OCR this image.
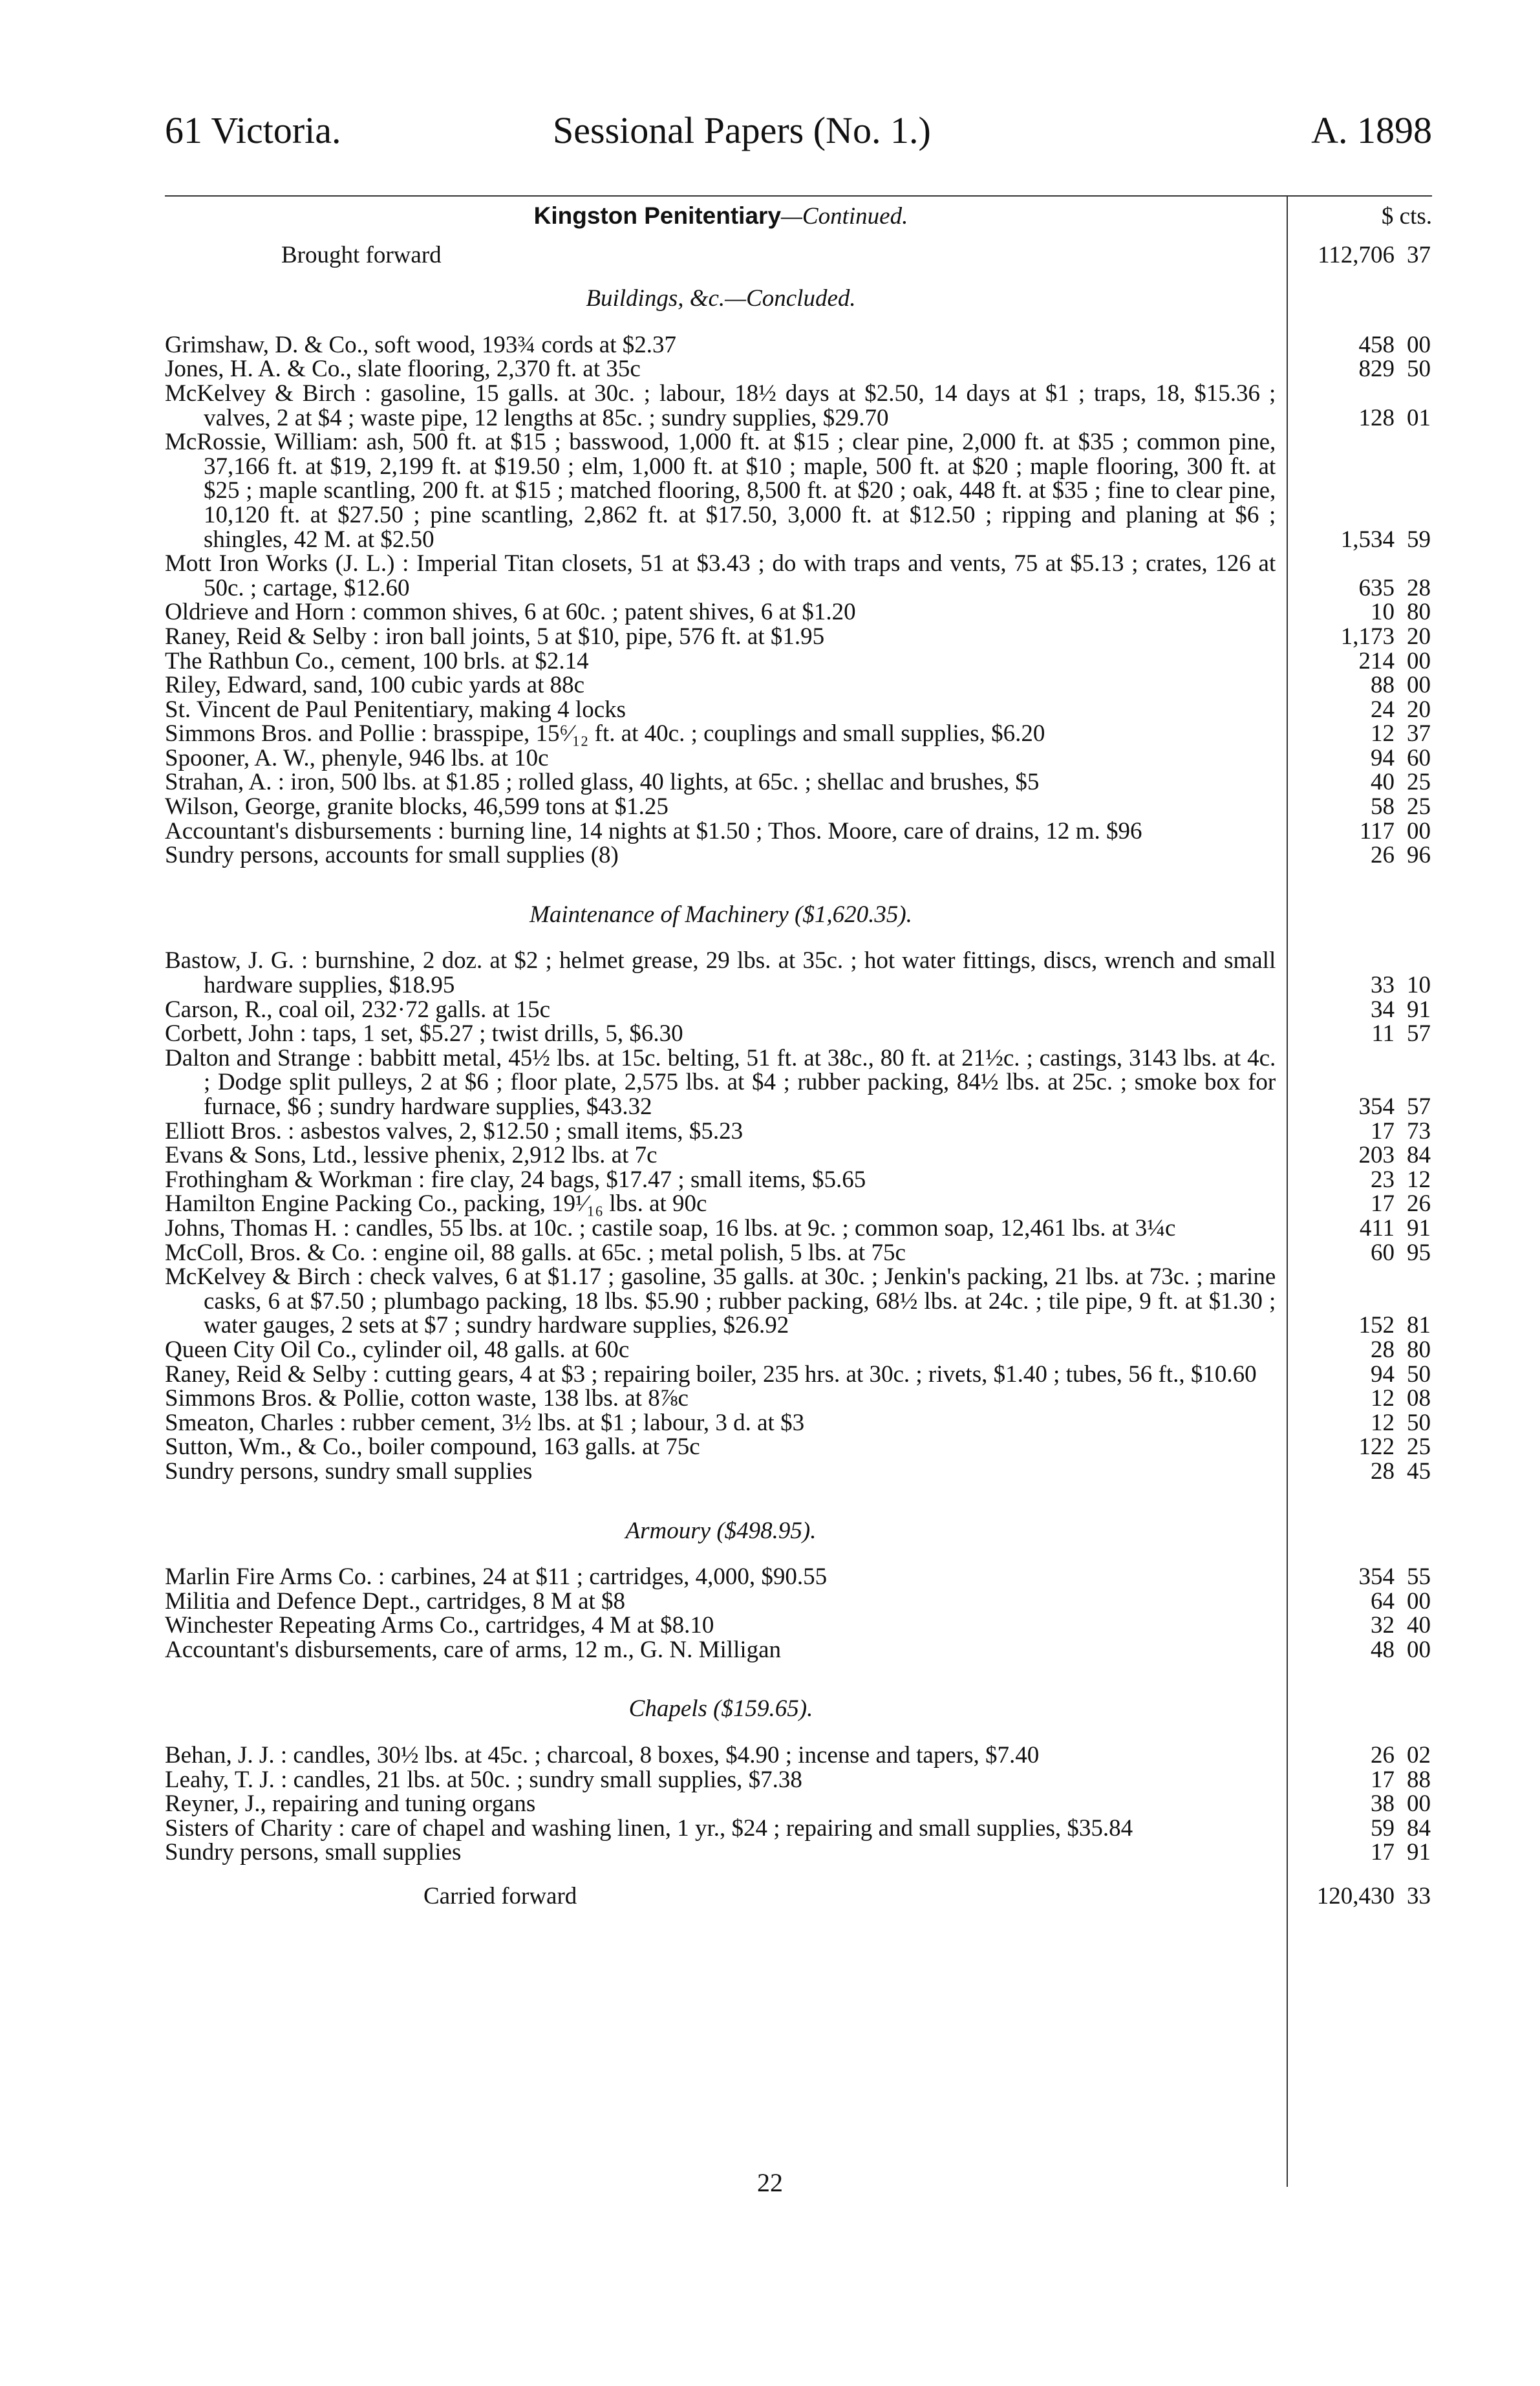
61 Victoria.	Sessional Papers (No. 1.)	A. 1898
Kingston Penitentiary—Continued.	$ cts.
Brought forward	112,706 37
Buildings, &c.—Concluded.
Grimshaw, D. & Co., soft wood, 193¾ cords at $2.37	458 00
Jones, H. A. & Co., slate flooring, 2,370 ft. at 35c	829 50
McKelvey & Birch : gasoline, 15 galls. at 30c. ; labour, 18½ days at $2.50, 14 days at $1 ; traps, 18, $15.36 ; valves, 2 at $4 ; waste pipe, 12 lengths at 85c. ; sundry supplies, $29.70	128 01
McRossie, William: ash, 500 ft. at $15 ; basswood, 1,000 ft. at $15 ; clear pine, 2,000 ft. at $35 ; common pine, 37,166 ft. at $19, 2,199 ft. at $19.50 ; elm, 1,000 ft. at $10 ; maple, 500 ft. at $20 ; maple flooring, 300 ft. at $25 ; maple scantling, 200 ft. at $15 ; matched flooring, 8,500 ft. at $20 ; oak, 448 ft. at $35 ; fine to clear pine, 10,120 ft. at $27.50 ; pine scantling, 2,862 ft. at $17.50, 3,000 ft. at $12.50 ; ripping and planing at $6 ; shingles, 42 M. at $2.50	1,534 59
Mott Iron Works (J. L.) : Imperial Titan closets, 51 at $3.43 ; do with traps and vents, 75 at $5.13 ; crates, 126 at 50c. ; cartage, $12.60	635 28
Oldrieve and Horn : common shives, 6 at 60c. ; patent shives, 6 at $1.20	10 80
Raney, Reid & Selby : iron ball joints, 5 at $10, pipe, 576 ft. at $1.95	1,173 20
The Rathbun Co., cement, 100 brls. at $2.14	214 00
Riley, Edward, sand, 100 cubic yards at 88c	88 00
St. Vincent de Paul Penitentiary, making 4 locks	24 20
Simmons Bros. and Pollie : brasspipe, 15⁶⁄₁₂ ft. at 40c. ; couplings and small supplies, $6.20	12 37
Spooner, A. W., phenyle, 946 lbs. at 10c	94 60
Strahan, A. : iron, 500 lbs. at $1.85 ; rolled glass, 40 lights, at 65c. ; shellac and brushes, $5	40 25
Wilson, George, granite blocks, 46,599 tons at $1.25	58 25
Accountant's disbursements : burning line, 14 nights at $1.50 ; Thos. Moore, care of drains, 12 m. $96	117 00
Sundry persons, accounts for small supplies (8)	26 96
Maintenance of Machinery ($1,620.35).
Bastow, J. G. : burnshine, 2 doz. at $2 ; helmet grease, 29 lbs. at 35c. ; hot water fittings, discs, wrench and small hardware supplies, $18.95	33 10
Carson, R., coal oil, 232·72 galls. at 15c	34 91
Corbett, John : taps, 1 set, $5.27 ; twist drills, 5, $6.30	11 57
Dalton and Strange : babbitt metal, 45½ lbs. at 15c. belting, 51 ft. at 38c., 80 ft. at 21½c. ; castings, 3143 lbs. at 4c. ; Dodge split pulleys, 2 at $6 ; floor plate, 2,575 lbs. at $4 ; rubber packing, 84½ lbs. at 25c. ; smoke box for furnace, $6 ; sundry hardware supplies, $43.32	354 57
Elliott Bros. : asbestos valves, 2, $12.50 ; small items, $5.23	17 73
Evans & Sons, Ltd., lessive phenix, 2,912 lbs. at 7c	203 84
Frothingham & Workman : fire clay, 24 bags, $17.47 ; small items, $5.65	23 12
Hamilton Engine Packing Co., packing, 19¹⁄₁₆ lbs. at 90c	17 26
Johns, Thomas H. : candles, 55 lbs. at 10c. ; castile soap, 16 lbs. at 9c. ; common soap, 12,461 lbs. at 3¼c	411 91
McColl, Bros. & Co. : engine oil, 88 galls. at 65c. ; metal polish, 5 lbs. at 75c	60 95
McKelvey & Birch : check valves, 6 at $1.17 ; gasoline, 35 galls. at 30c. ; Jenkin's packing, 21 lbs. at 73c. ; marine casks, 6 at $7.50 ; plumbago packing, 18 lbs. $5.90 ; rubber packing, 68½ lbs. at 24c. ; tile pipe, 9 ft. at $1.30 ; water gauges, 2 sets at $7 ; sundry hardware supplies, $26.92	152 81
Queen City Oil Co., cylinder oil, 48 galls. at 60c	28 80
Raney, Reid & Selby : cutting gears, 4 at $3 ; repairing boiler, 235 hrs. at 30c. ; rivets, $1.40 ; tubes, 56 ft., $10.60	94 50
Simmons Bros. & Pollie, cotton waste, 138 lbs. at 8⅞c	12 08
Smeaton, Charles : rubber cement, 3½ lbs. at $1 ; labour, 3 d. at $3	12 50
Sutton, Wm., & Co., boiler compound, 163 galls. at 75c	122 25
Sundry persons, sundry small supplies	28 45
Armoury ($498.95).
Marlin Fire Arms Co. : carbines, 24 at $11 ; cartridges, 4,000, $90.55	354 55
Militia and Defence Dept., cartridges, 8 M at $8	64 00
Winchester Repeating Arms Co., cartridges, 4 M at $8.10	32 40
Accountant's disbursements, care of arms, 12 m., G. N. Milligan	48 00
Chapels ($159.65).
Behan, J. J. : candles, 30½ lbs. at 45c. ; charcoal, 8 boxes, $4.90 ; incense and tapers, $7.40	26 02
Leahy, T. J. : candles, 21 lbs. at 50c. ; sundry small supplies, $7.38	17 88
Reyner, J., repairing and tuning organs	38 00
Sisters of Charity : care of chapel and washing linen, 1 yr., $24 ; repairing and small supplies, $35.84	59 84
Sundry persons, small supplies	17 91
Carried forward	120,430 33
22
